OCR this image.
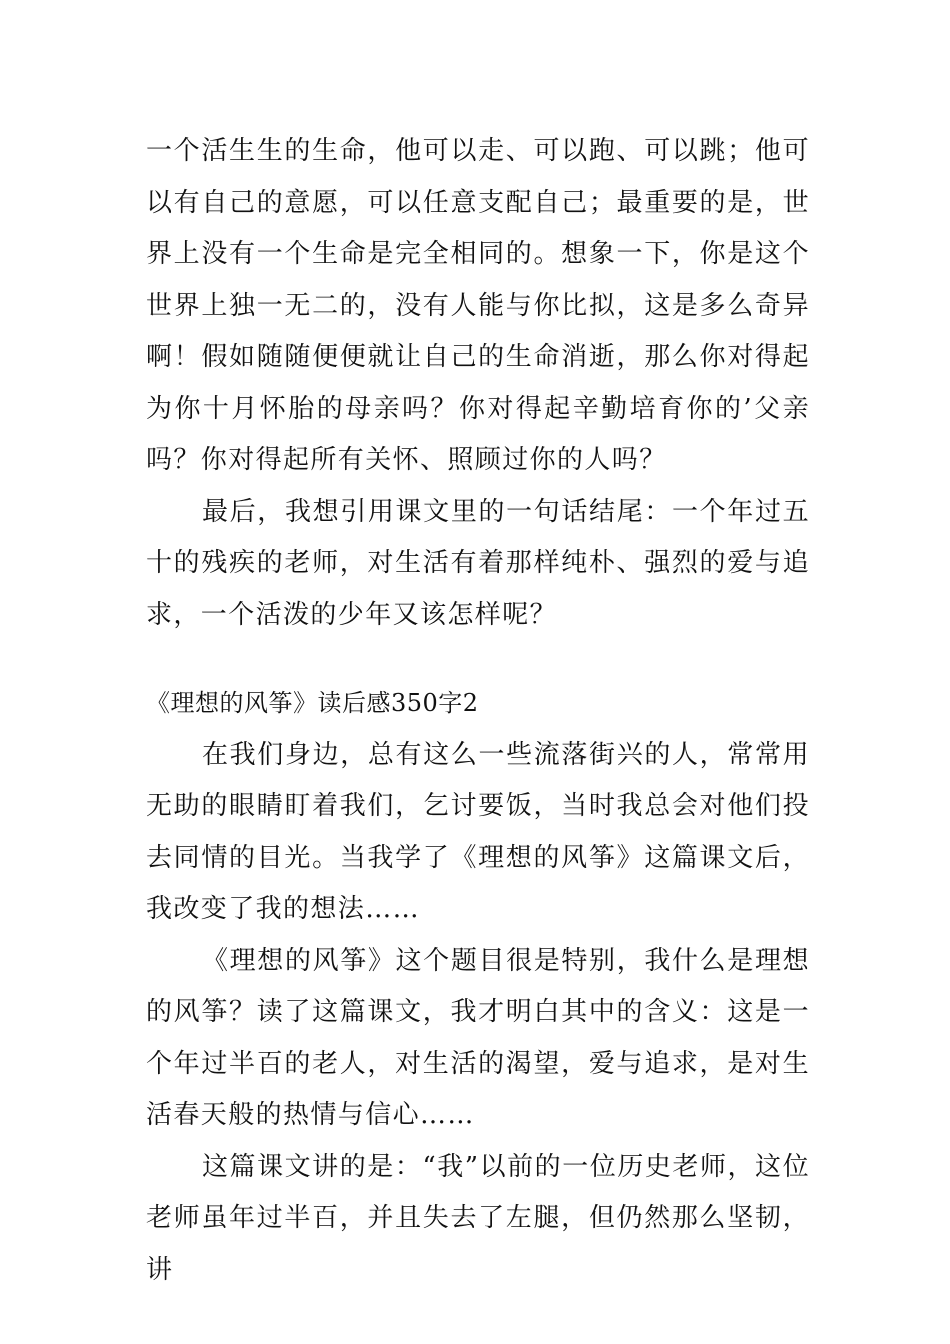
一个活生生的生命，他可以走、可以跑、可以跳；他可以有自己的意愿，可以任意支配自己；最重要的是，世界上没有一个生命是完全相同的。想象一下，你是这个世界上独一无二的，没有人能与你比拟，这是多么奇异啊！假如随随便便就让自己的生命消逝，那么你对得起为你十月怀胎的母亲吗？你对得起辛勤培育你的’父亲吗？你对得起所有关怀、照顾过你的人吗？

最后，我想引用课文里的一句话结尾：一个年过五十的残疾的老师，对生活有着那样纯朴、强烈的爱与追求，一个活泼的少年又该怎样呢？

《理想的风筝》读后感350字2

在我们身边，总有这么一些流落街兴的人，常常用无助的眼睛盯着我们，乞讨要饭，当时我总会对他们投去同情的目光。当我学了《理想的风筝》这篇课文后，我改变了我的想法……

《理想的风筝》这个题目很是特别，我什么是理想的风筝？读了这篇课文，我才明白其中的含义：这是一个年过半百的老人，对生活的渴望，爱与追求，是对生活春天般的热情与信心……

这篇课文讲的是：“我”以前的一位历史老师，这位老师虽年过半百，并且失去了左腿，但仍然那么坚韧，讲
